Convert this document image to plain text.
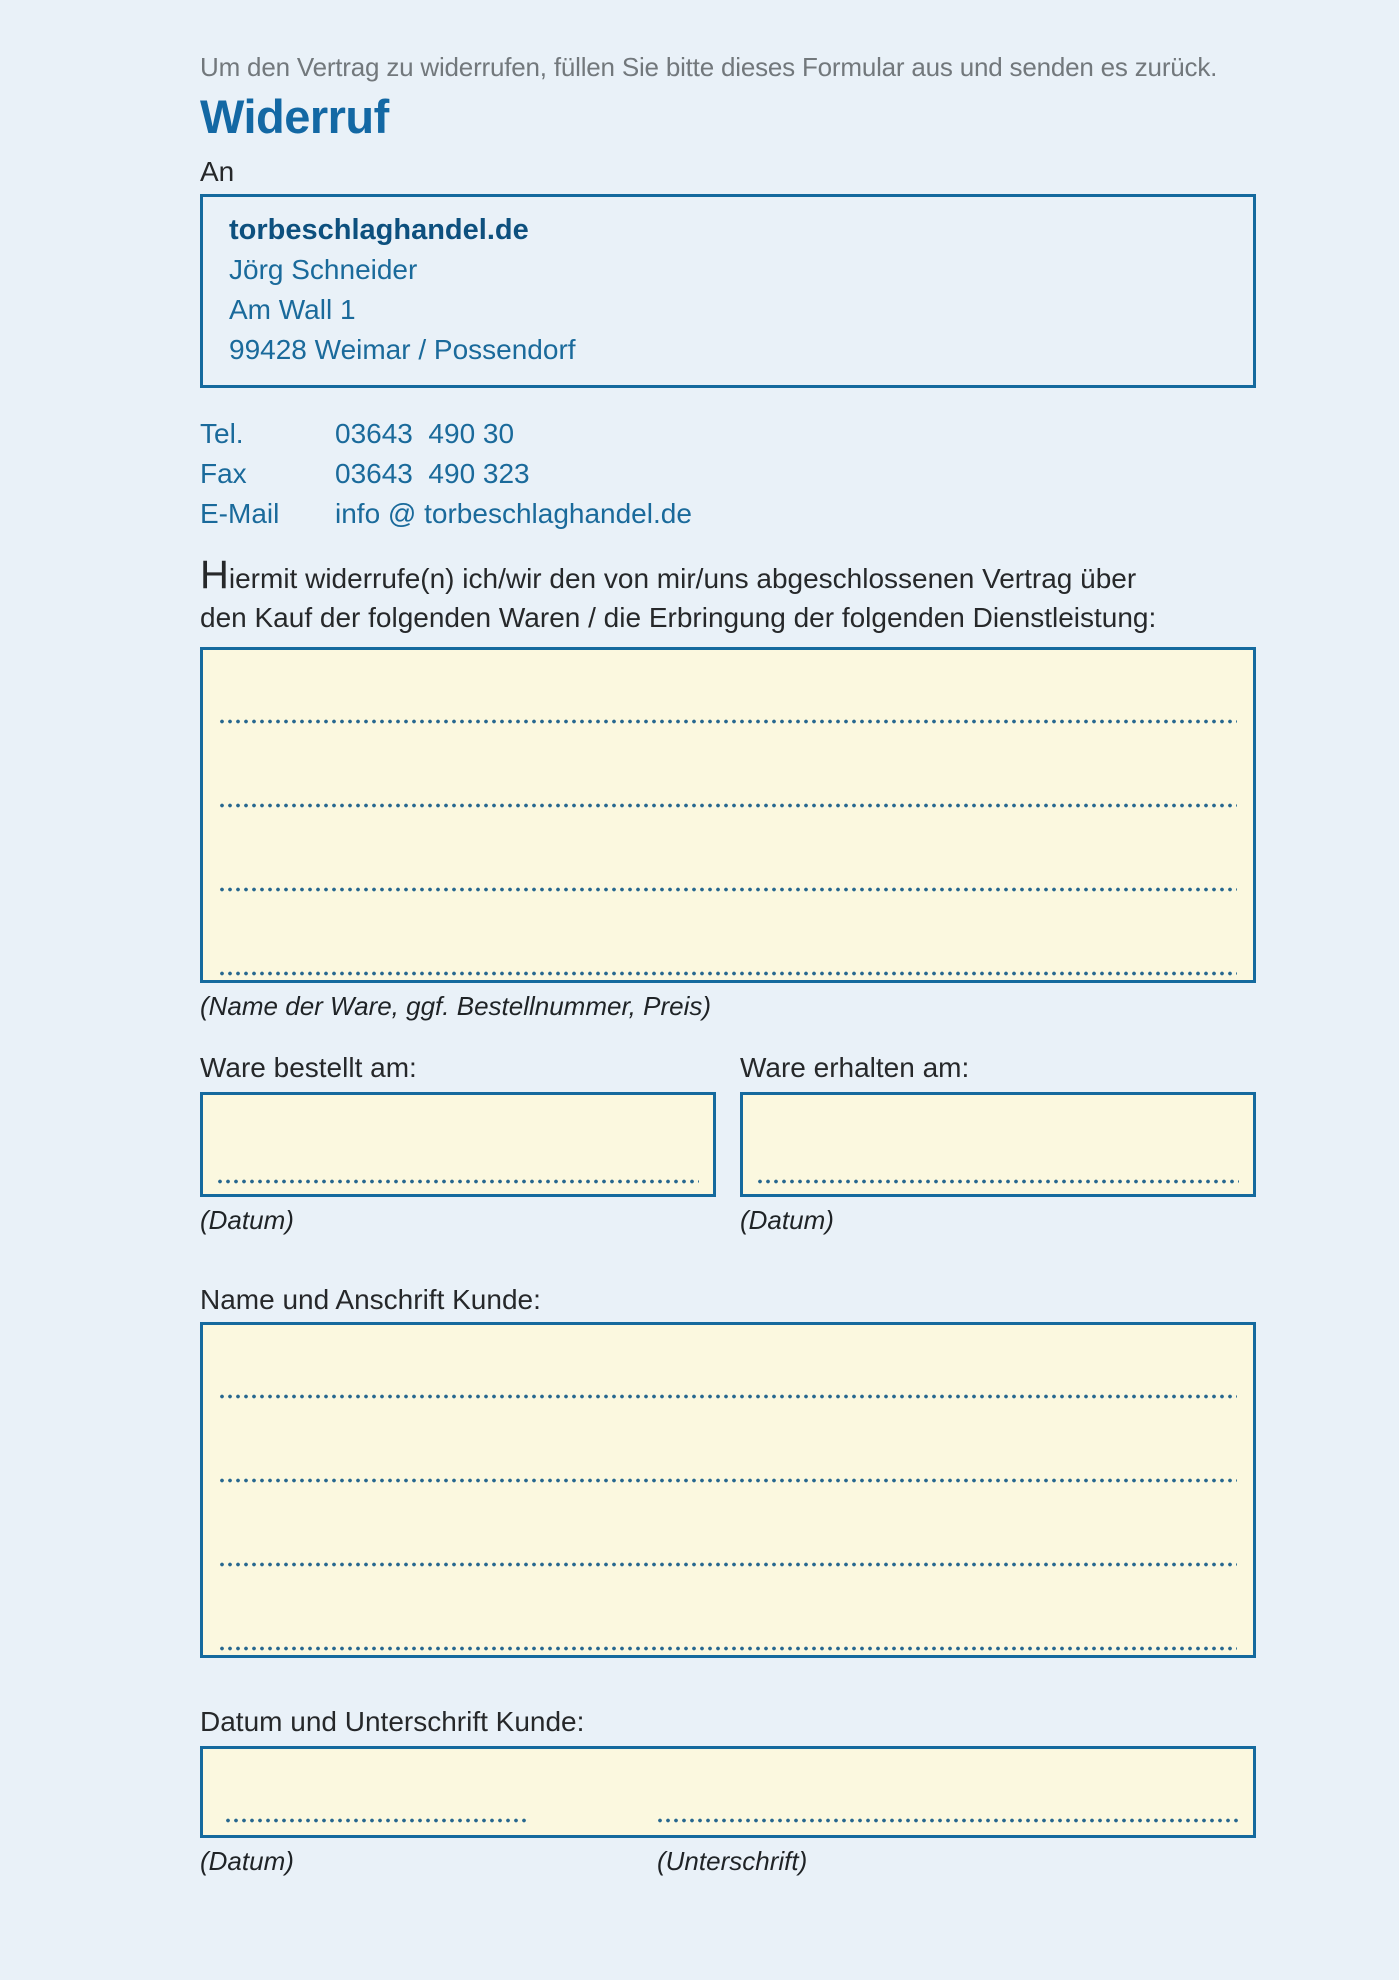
Um den Vertrag zu widerrufen, füllen Sie bitte dieses Formular aus und senden es zurück.
Widerruf
An
torbeschlaghandel.de
Jörg Schneider
Am Wall 1
99428 Weimar / Possendorf
Tel.	03643  490 30
Fax	03643  490 323
E-Mail	info @ torbeschlaghandel.de
Hiermit widerrufe(n) ich/wir den von mir/uns abgeschlossenen Vertrag über
den Kauf der folgenden Waren / die Erbringung der folgenden Dienstleistung:
(Name der Ware, ggf. Bestellnummer, Preis)
Ware bestellt am:
(Datum)
Ware erhalten am:
(Datum)
Name und Anschrift Kunde:
Datum und Unterschrift Kunde:
(Datum)	(Unterschrift)
